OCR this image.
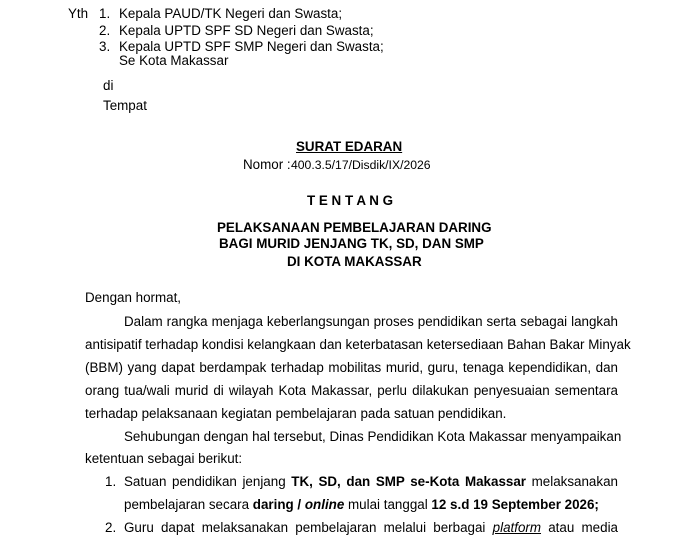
Yth 1. Kepala PAUD/TK Negeri dan Swasta;
2. Kepala UPTD SPF SD Negeri dan Swasta;
3. Kepala UPTD SPF SMP Negeri dan Swasta;
Se Kota Makassar
di
Tempat
SURAT EDARAN
Nomor : 400.3.5/17/Disdik/IX/2026
T E N T A N G
PELAKSANAAN PEMBELAJARAN DARING
BAGI MURID JENJANG TK, SD, DAN SMP
DI KOTA MAKASSAR
Dengan hormat,
Dalam rangka menjaga keberlangsungan proses pendidikan serta sebagai langkah
antisipatif terhadap kondisi kelangkaan dan keterbatasan ketersediaan Bahan Bakar Minyak
(BBM) yang dapat berdampak terhadap mobilitas murid, guru, tenaga kependidikan, dan
orang tua/wali murid di wilayah Kota Makassar, perlu dilakukan penyesuaian sementara
terhadap pelaksanaan kegiatan pembelajaran pada satuan pendidikan.
Sehubungan dengan hal tersebut, Dinas Pendidikan Kota Makassar menyampaikan
ketentuan sebagai berikut:
1. Satuan pendidikan jenjang TK, SD, dan SMP se-Kota Makassar melaksanakan
pembelajaran secara daring / online mulai tanggal 12 s.d 19 September 2026;
2. Guru dapat melaksanakan pembelajaran melalui berbagai platform atau media
